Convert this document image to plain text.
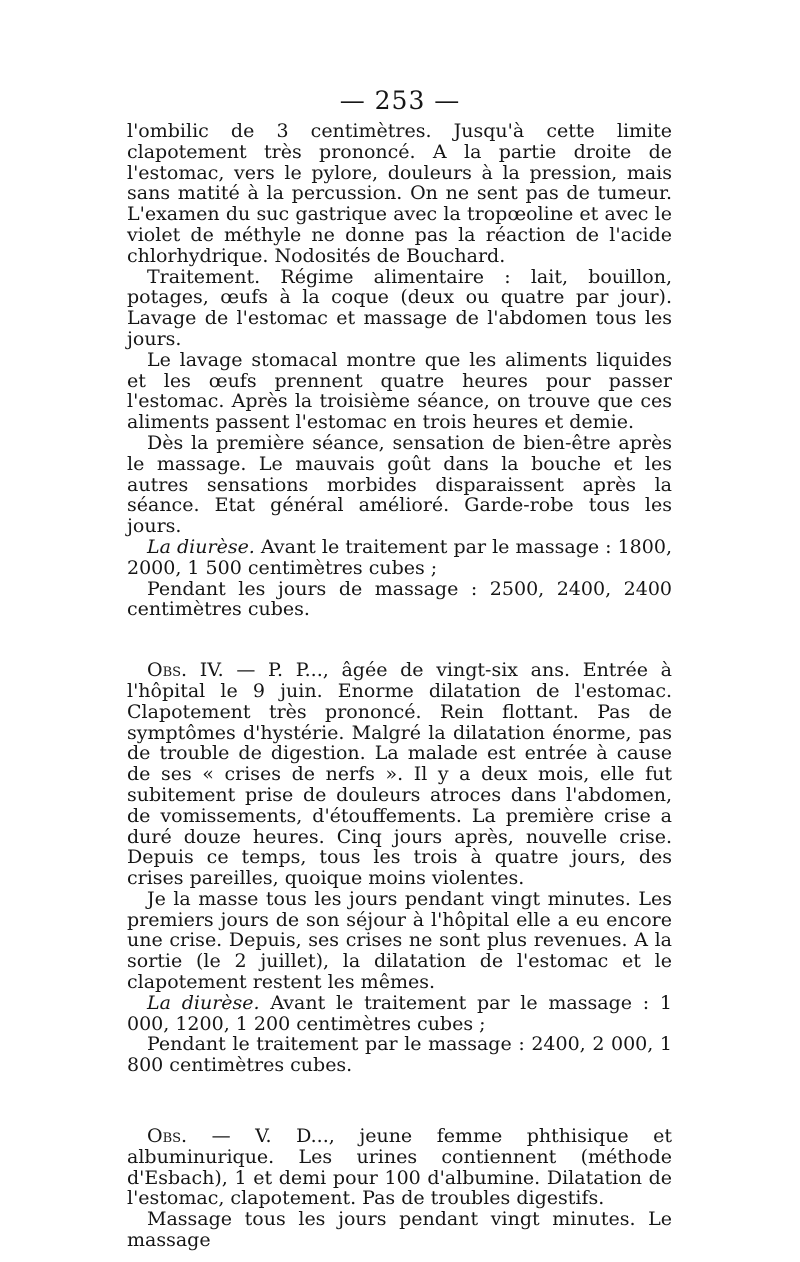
— 253 —

l'ombilic de 3 centimètres. Jusqu'à cette limite clapotement très prononcé. A la partie droite de l'estomac, vers le pylore, douleurs à la pression, mais sans matité à la percussion. On ne sent pas de tumeur. L'examen du suc gastrique avec la tropœoline et avec le violet de méthyle ne donne pas la réaction de l'acide chlorhydrique. Nodosités de Bouchard.

Traitement. Régime alimentaire : lait, bouillon, potages, œufs à la coque (deux ou quatre par jour). Lavage de l'estomac et massage de l'abdomen tous les jours.

Le lavage stomacal montre que les aliments liquides et les œufs prennent quatre heures pour passer l'estomac. Après la troisième séance, on trouve que ces aliments passent l'estomac en trois heures et demie.

Dès la première séance, sensation de bien-être après le massage. Le mauvais goût dans la bouche et les autres sensations morbides disparaissent après la séance. Etat général amélioré. Garde-robe tous les jours.

La diurèse. Avant le traitement par le massage : 1800, 2000, 1 500 centimètres cubes ;

Pendant les jours de massage : 2500, 2400, 2400 centimètres cubes.

Obs. IV. — P. P..., âgée de vingt-six ans. Entrée à l'hôpital le 9 juin. Enorme dilatation de l'estomac. Clapotement très prononcé. Rein flottant. Pas de symptômes d'hystérie. Malgré la dilatation énorme, pas de trouble de digestion. La malade est entrée à cause de ses « crises de nerfs ». Il y a deux mois, elle fut subitement prise de douleurs atroces dans l'abdomen, de vomissements, d'étouffements. La première crise a duré douze heures. Cinq jours après, nouvelle crise. Depuis ce temps, tous les trois à quatre jours, des crises pareilles, quoique moins violentes.

Je la masse tous les jours pendant vingt minutes. Les premiers jours de son séjour à l'hôpital elle a eu encore une crise. Depuis, ses crises ne sont plus revenues. A la sortie (le 2 juillet), la dilatation de l'estomac et le clapotement restent les mêmes.

La diurèse. Avant le traitement par le massage : 1 000, 1200, 1 200 centimètres cubes ;

Pendant le traitement par le massage : 2400, 2 000, 1 800 centimètres cubes.

Obs. — V. D..., jeune femme phthisique et albuminurique. Les urines contiennent (méthode d'Esbach), 1 et demi pour 100 d'albumine. Dilatation de l'estomac, clapotement. Pas de troubles digestifs.

Massage tous les jours pendant vingt minutes. Le massage
